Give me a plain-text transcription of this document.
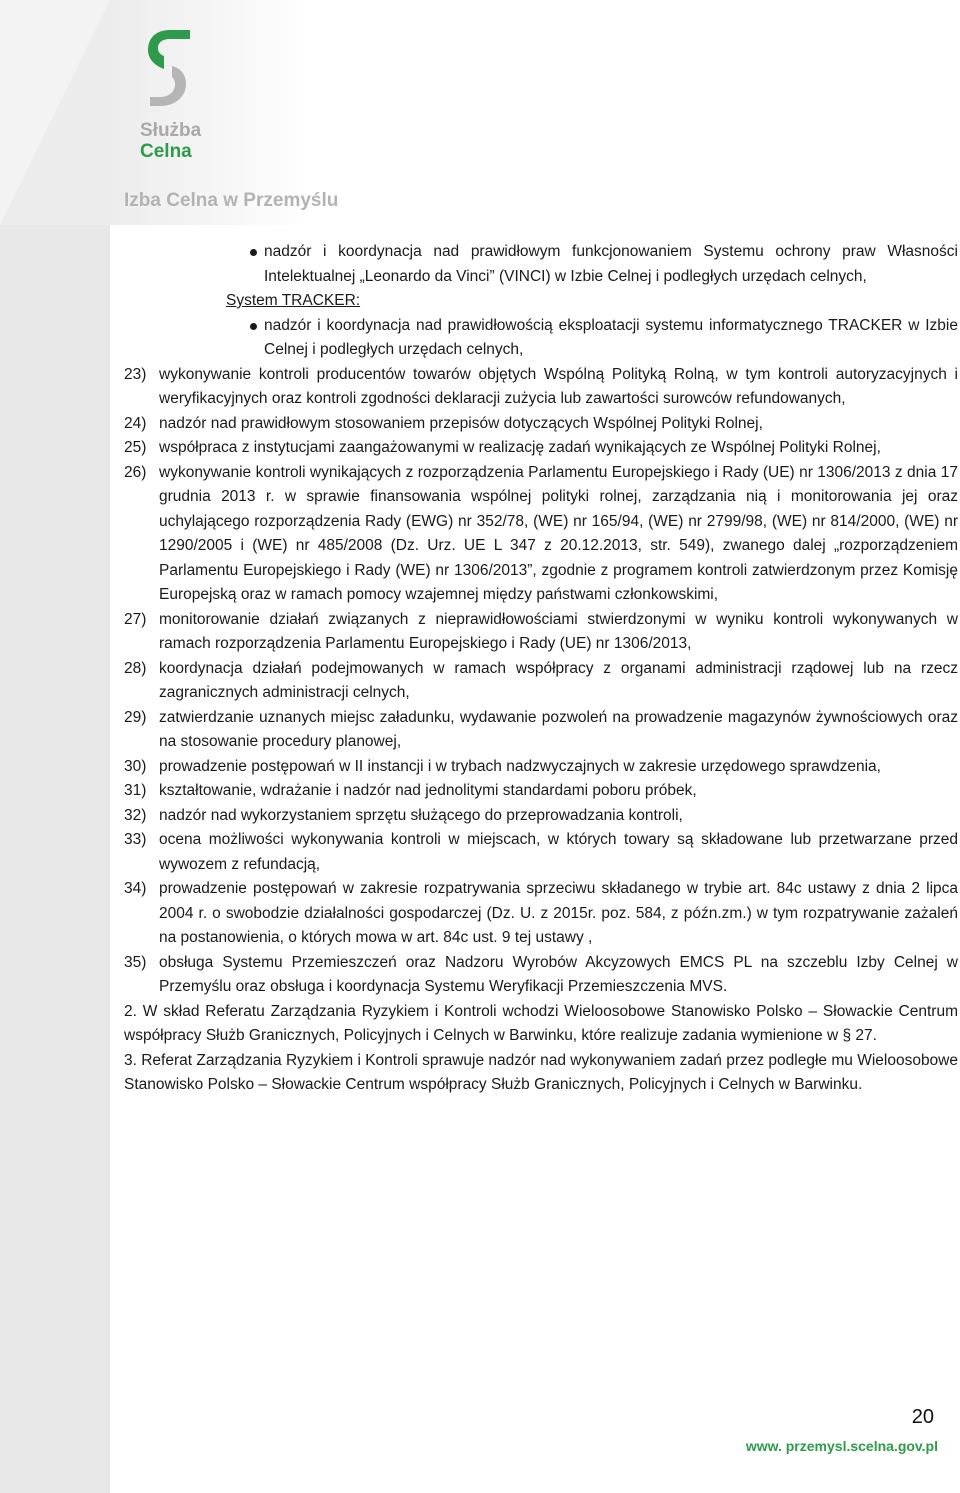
Służba
Celna
Izba Celna w Przemyślu

nadzór i koordynacja nad prawidłowym funkcjonowaniem Systemu ochrony praw Własności Intelektualnej „Leonardo da Vinci” (VINCI) w Izbie Celnej i podległych urzędach celnych,

System TRACKER:

nadzór i koordynacja nad prawidłowością eksploatacji systemu informatycznego TRACKER w Izbie Celnej i podległych urzędach celnych,

23) wykonywanie kontroli producentów towarów objętych Wspólną Polityką Rolną, w tym kontroli autoryzacyjnych i weryfikacyjnych oraz kontroli zgodności deklaracji zużycia lub zawartości surowców refundowanych,

24) nadzór nad prawidłowym stosowaniem przepisów dotyczących Wspólnej Polityki Rolnej,

25) współpraca z instytucjami zaangażowanymi w realizację zadań wynikających ze Wspólnej Polityki Rolnej,

26) wykonywanie kontroli wynikających z rozporządzenia Parlamentu Europejskiego i Rady (UE) nr 1306/2013 z dnia 17 grudnia 2013 r. w sprawie finansowania wspólnej polityki rolnej, zarządzania nią i monitorowania jej oraz uchylającego rozporządzenia Rady (EWG) nr 352/78, (WE) nr 165/94, (WE) nr 2799/98, (WE) nr 814/2000, (WE) nr 1290/2005 i (WE) nr 485/2008 (Dz. Urz. UE L 347 z 20.12.2013, str. 549), zwanego dalej „rozporządzeniem Parlamentu Europejskiego i Rady (WE) nr 1306/2013”, zgodnie z programem kontroli zatwierdzonym przez Komisję Europejską oraz w ramach pomocy wzajemnej między państwami członkowskimi,

27) monitorowanie działań związanych z nieprawidłowościami stwierdzonymi w wyniku kontroli wykonywanych w ramach rozporządzenia Parlamentu Europejskiego i Rady (UE) nr 1306/2013,

28) koordynacja działań podejmowanych w ramach współpracy z organami administracji rządowej lub na rzecz zagranicznych administracji celnych,

29) zatwierdzanie uznanych miejsc załadunku, wydawanie pozwoleń na prowadzenie magazynów żywnościowych oraz na stosowanie procedury planowej,

30) prowadzenie postępowań w II instancji i w trybach nadzwyczajnych w zakresie urzędowego sprawdzenia,

31) kształtowanie, wdrażanie i nadzór nad jednolitymi standardami poboru próbek,

32) nadzór nad wykorzystaniem sprzętu służącego do przeprowadzania kontroli,

33) ocena możliwości wykonywania kontroli w miejscach, w których towary są składowane lub przetwarzane przed wywozem z refundacją,

34) prowadzenie postępowań w zakresie rozpatrywania sprzeciwu składanego w trybie art. 84c ustawy z dnia 2 lipca 2004 r. o swobodzie działalności gospodarczej (Dz. U. z 2015r. poz. 584, z późn.zm.) w tym rozpatrywanie zażaleń na postanowienia, o których mowa w art. 84c ust. 9 tej ustawy ,

35) obsługa Systemu Przemieszczeń oraz Nadzoru Wyrobów Akcyzowych EMCS PL na szczeblu Izby Celnej w Przemyślu oraz obsługa i koordynacja Systemu Weryfikacji Przemieszczenia MVS.

2. W skład Referatu Zarządzania Ryzykiem i Kontroli wchodzi Wieloosobowe Stanowisko Polsko – Słowackie Centrum współpracy Służb Granicznych, Policyjnych i Celnych w Barwinku, które realizuje zadania wymienione w § 27.

3. Referat Zarządzania Ryzykiem i Kontroli sprawuje nadzór nad wykonywaniem zadań przez podległe mu Wieloosobowe Stanowisko Polsko – Słowackie Centrum współpracy Służb Granicznych, Policyjnych i Celnych w Barwinku.

20
www. przemysl.scelna.gov.pl
